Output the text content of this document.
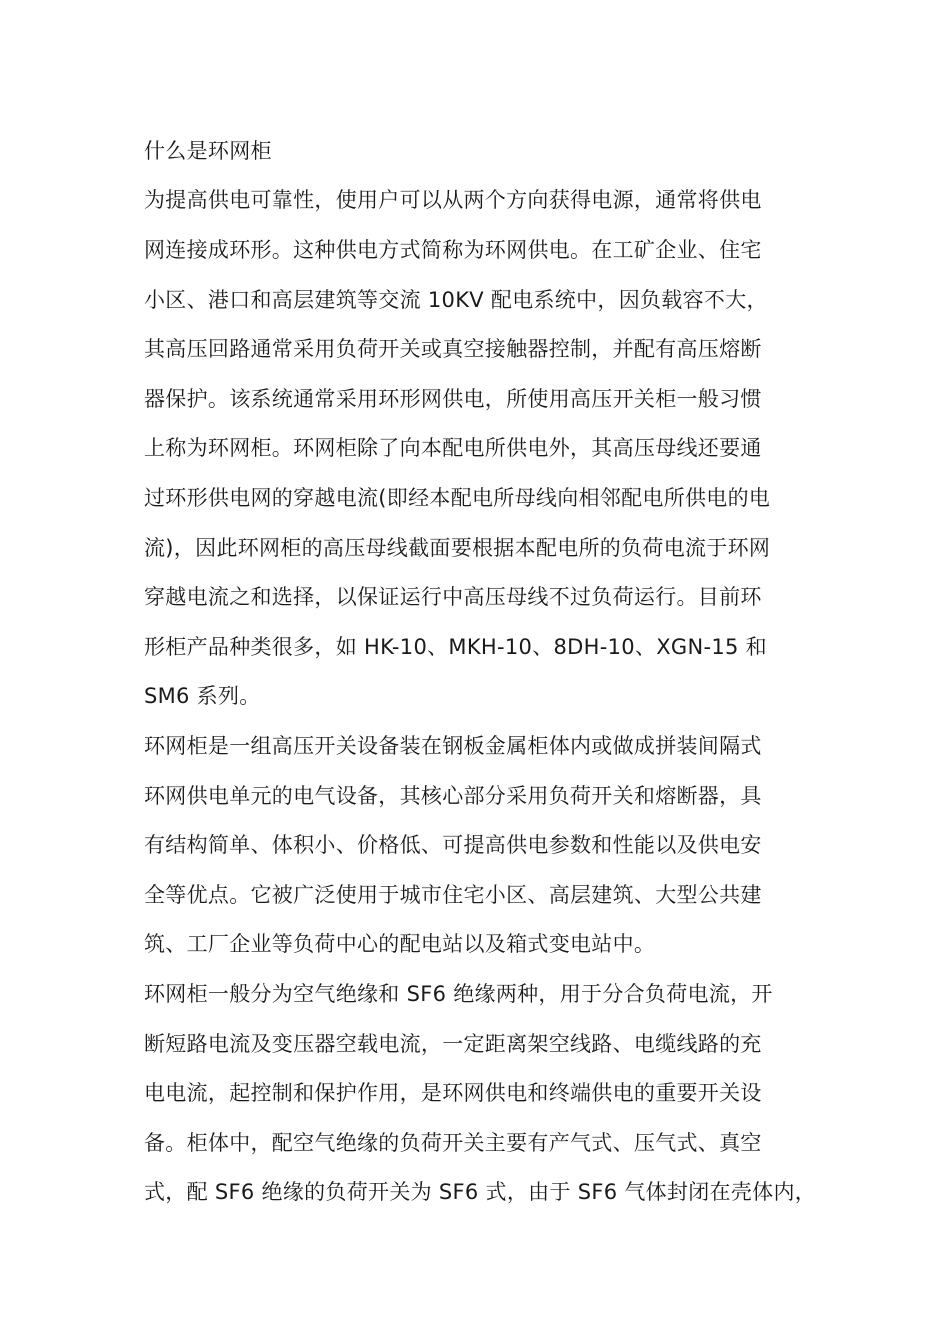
什么是环网柜
为提高供电可靠性，使用户可以从两个方向获得电源，通常将供电
网连接成环形。这种供电方式简称为环网供电。在工矿企业、住宅
小区、港口和高层建筑等交流 10KV 配电系统中，因负载容不大，
其高压回路通常采用负荷开关或真空接触器控制，并配有高压熔断
器保护。该系统通常采用环形网供电，所使用高压开关柜一般习惯
上称为环网柜。环网柜除了向本配电所供电外，其高压母线还要通
过环形供电网的穿越电流(即经本配电所母线向相邻配电所供电的电
流)，因此环网柜的高压母线截面要根据本配电所的负荷电流于环网
穿越电流之和选择，以保证运行中高压母线不过负荷运行。目前环
形柜产品种类很多，如 HK-10、MKH-10、8DH-10、XGN-15 和
SM6 系列。
环网柜是一组高压开关设备装在钢板金属柜体内或做成拼装间隔式
环网供电单元的电气设备，其核心部分采用负荷开关和熔断器，具
有结构简单、体积小、价格低、可提高供电参数和性能以及供电安
全等优点。它被广泛使用于城市住宅小区、高层建筑、大型公共建
筑、工厂企业等负荷中心的配电站以及箱式变电站中。
环网柜一般分为空气绝缘和 SF6 绝缘两种，用于分合负荷电流，开
断短路电流及变压器空载电流，一定距离架空线路、电缆线路的充
电电流，起控制和保护作用，是环网供电和终端供电的重要开关设
备。柜体中，配空气绝缘的负荷开关主要有产气式、压气式、真空
式，配 SF6 绝缘的负荷开关为 SF6 式，由于 SF6 气体封闭在壳体内，
